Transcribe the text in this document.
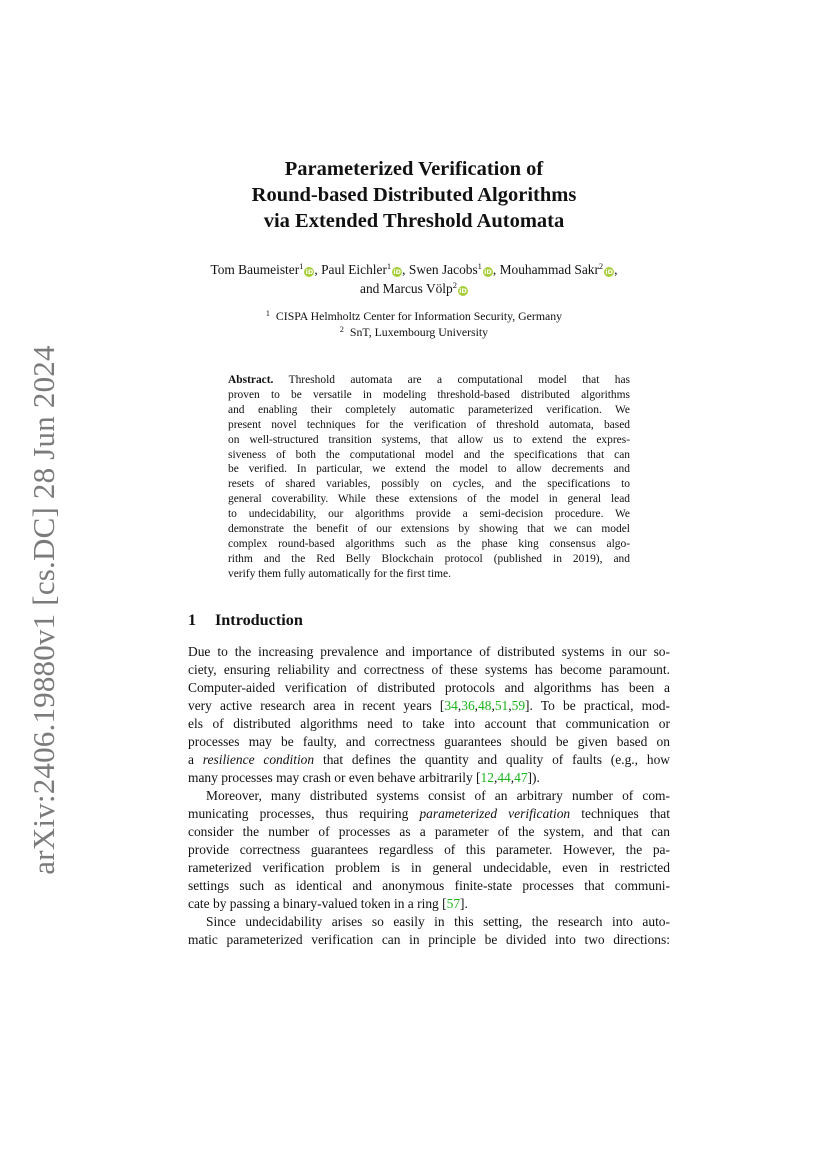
arXiv:2406.19880v1 [cs.DC] 28 Jun 2024
Parameterized Verification of
Round-based Distributed Algorithms
via Extended Threshold Automata
Tom Baumeister$^1$iD, Paul Eichler$^1$iD, Swen Jacobs$^1$iD, Mouhammad Sakr$^2$iD,
and Marcus Völp$^2$iD
$^1$ CISPA Helmholtz Center for Information Security, Germany
$^2$ SnT, Luxembourg University
Abstract. Threshold automata are a computational model that has
proven to be versatile in modeling threshold-based distributed algorithms
and enabling their completely automatic parameterized verification. We
present novel techniques for the verification of threshold automata, based
on well-structured transition systems, that allow us to extend the expres-
siveness of both the computational model and the specifications that can
be verified. In particular, we extend the model to allow decrements and
resets of shared variables, possibly on cycles, and the specifications to
general coverability. While these extensions of the model in general lead
to undecidability, our algorithms provide a semi-decision procedure. We
demonstrate the benefit of our extensions by showing that we can model
complex round-based algorithms such as the phase king consensus algo-
rithm and the Red Belly Blockchain protocol (published in 2019), and
verify them fully automatically for the first time.
1 Introduction
Due to the increasing prevalence and importance of distributed systems in our so-
ciety, ensuring reliability and correctness of these systems has become paramount.
Computer-aided verification of distributed protocols and algorithms has been a
very active research area in recent years [34,36,48,51,59]. To be practical, mod-
els of distributed algorithms need to take into account that communication or
processes may be faulty, and correctness guarantees should be given based on
a resilience condition that defines the quantity and quality of faults (e.g., how
many processes may crash or even behave arbitrarily [12,44,47]).
Moreover, many distributed systems consist of an arbitrary number of com-
municating processes, thus requiring parameterized verification techniques that
consider the number of processes as a parameter of the system, and that can
provide correctness guarantees regardless of this parameter. However, the pa-
rameterized verification problem is in general undecidable, even in restricted
settings such as identical and anonymous finite-state processes that communi-
cate by passing a binary-valued token in a ring [57].
Since undecidability arises so easily in this setting, the research into auto-
matic parameterized verification can in principle be divided into two directions:
